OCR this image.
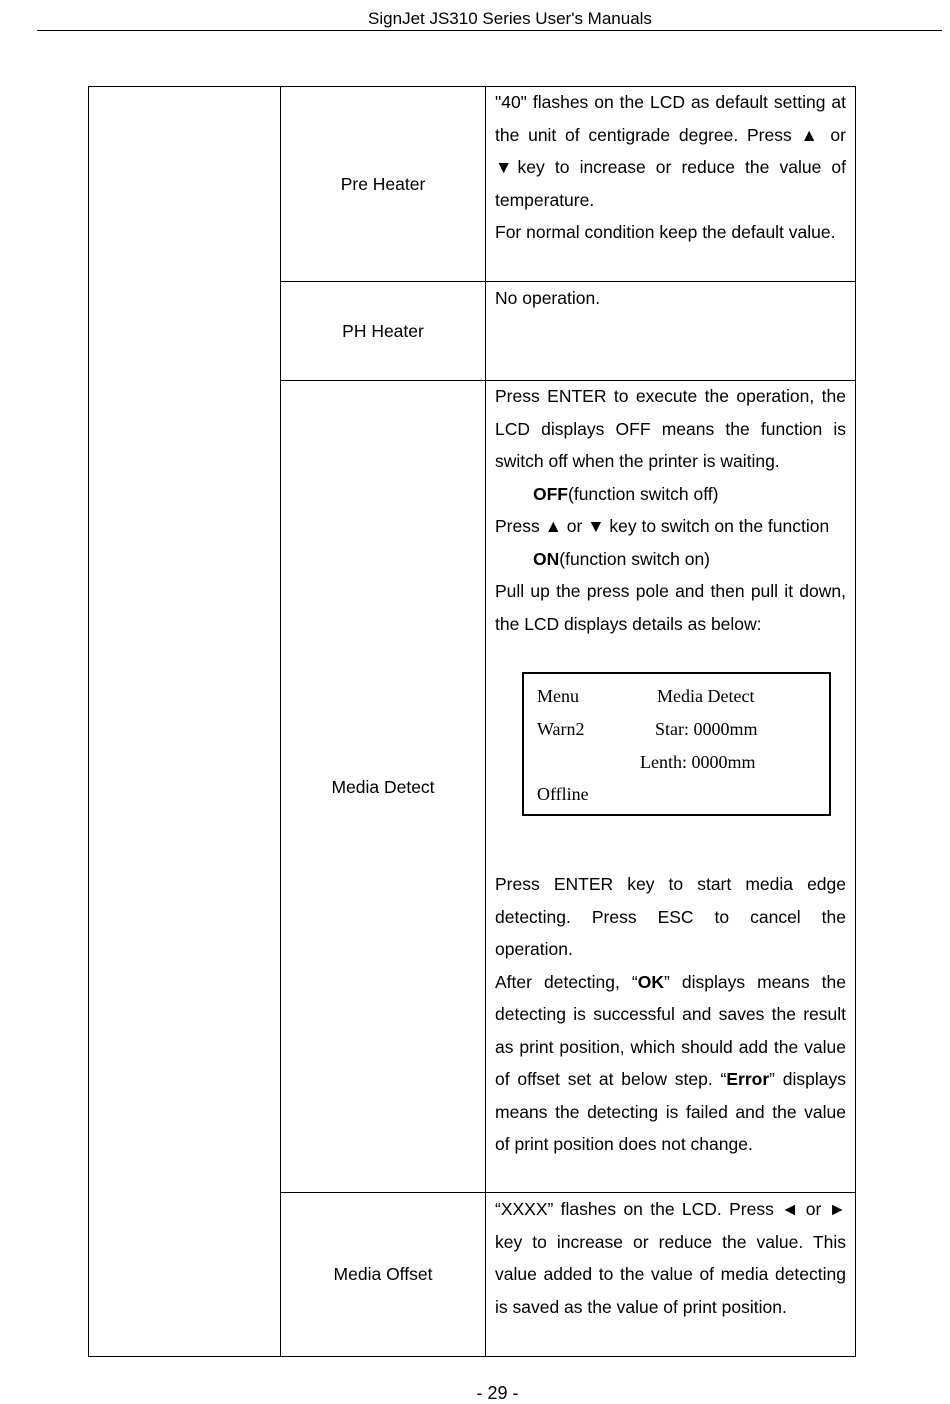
SignJet JS310 Series User's Manuals
Pre Heater

"40" flashes on the LCD as default setting at the unit of centigrade degree. Press ▲ or ▼key to increase or reduce the value of temperature.

For normal condition keep the default value.

PH Heater

No operation.

Media Detect

Press ENTER to execute the operation, the LCD displays OFF means the function is switch off when the printer is waiting.

OFF(function switch off)

Press ▲ or ▼ key to switch on the function

ON(function switch on)

Pull up the press pole and then pull it down, the LCD displays details as below:

Menu	Media Detect
Warn2	Star: 0000mm
Lenth: 0000mm
Offline

Press ENTER key to start media edge detecting. Press ESC to cancel the operation.

After detecting, “OK” displays means the detecting is successful and saves the result as print position, which should add the value of offset set at below step. “Error” displays means the detecting is failed and the value of print position does not change.

Media Offset

“XXXX” flashes on the LCD. Press ◄ or ► key to increase or reduce the value. This value added to the value of media detecting is saved as the value of print position.

- 29 -
